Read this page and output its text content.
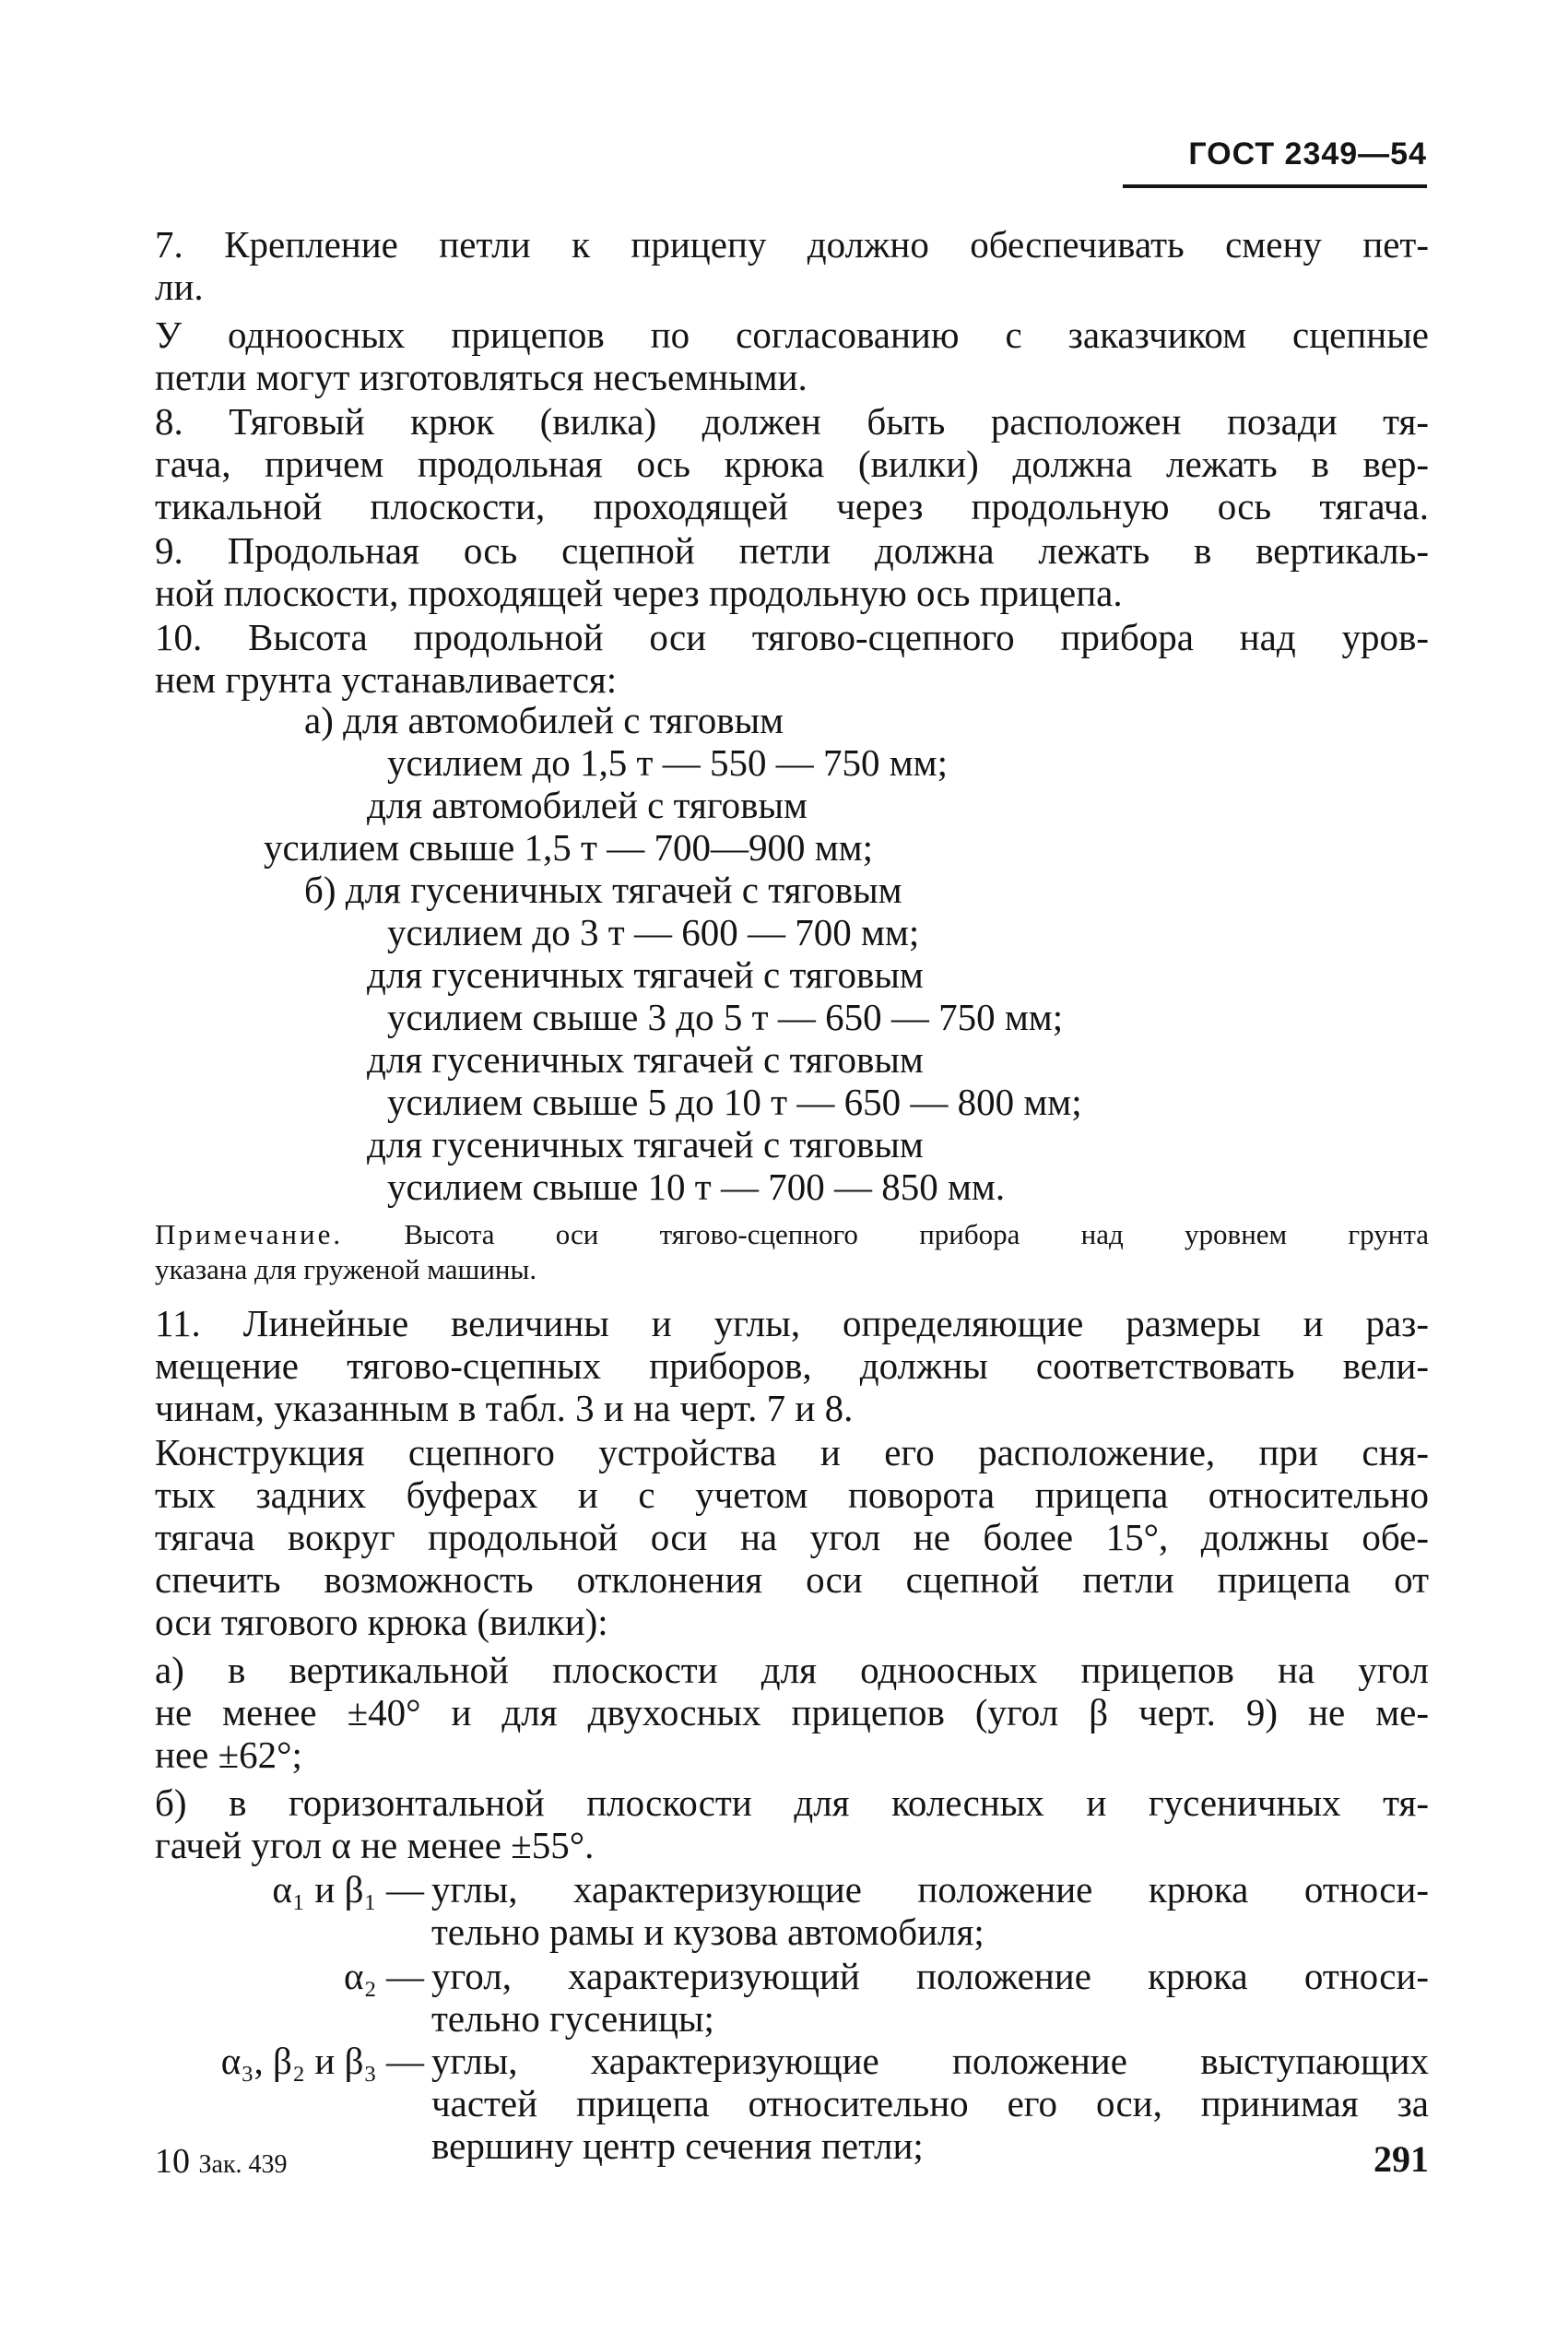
ГОСТ 2349—54
7. Крепление петли к прицепу должно обеспечивать смену пет-
ли.
У одноосных прицепов по согласованию с заказчиком сцепные
петли могут изготовляться несъемными.
8. Тяговый крюк (вилка) должен быть расположен позади тя-
гача, причем продольная ось крюка (вилки) должна лежать в вер-
тикальной плоскости, проходящей через продольную ось тягача.
9. Продольная ось сцепной петли должна лежать в вертикаль-
ной плоскости, проходящей через продольную ось прицепа.
10. Высота продольной оси тягово-сцепного прибора над уров-
нем грунта устанавливается:
а) для автомобилей с тяговым
усилием до 1,5 т — 550 — 750 мм;
для автомобилей с тяговым
усилием свыше 1,5 т — 700—900 мм;
б) для гусеничных тягачей с тяговым
усилием до 3 т — 600 — 700 мм;
для гусеничных тягачей с тяговым
усилием свыше 3 до 5 т — 650 — 750 мм;
для гусеничных тягачей с тяговым
усилием свыше 5 до 10 т — 650 — 800 мм;
для гусеничных тягачей с тяговым
усилием свыше 10 т — 700 — 850 мм.
Примечание. Высота оси тягово-сцепного прибора над уровнем грунта
указана для груженой машины.
11. Линейные величины и углы, определяющие размеры и раз-
мещение тягово-сцепных приборов, должны соответствовать вели-
чинам, указанным в табл. 3 и на черт. 7 и 8.
Конструкция сцепного устройства и его расположение, при сня-
тых задних буферах и с учетом поворота прицепа относительно
тягача вокруг продольной оси на угол не более 15°, должны обе-
спечить возможность отклонения оси сцепной петли прицепа от
оси тягового крюка (вилки):
а) в вертикальной плоскости для одноосных прицепов на угол
не менее ±40° и для двухосных прицепов (угол β черт. 9) не ме-
нее ±62°;
б) в горизонтальной плоскости для колесных и гусеничных тя-
гачей угол α не менее ±55°.
α₁ и β₁ — углы, характеризующие положение крюка относи-
тельно рамы и кузова автомобиля;
α₂ — угол, характеризующий положение крюка относи-
тельно гусеницы;
α₃, β₂ и β₃ — углы, характеризующие положение выступающих
частей прицепа относительно его оси, принимая за
вершину центр сечения петли;
10 Зак. 439	291
